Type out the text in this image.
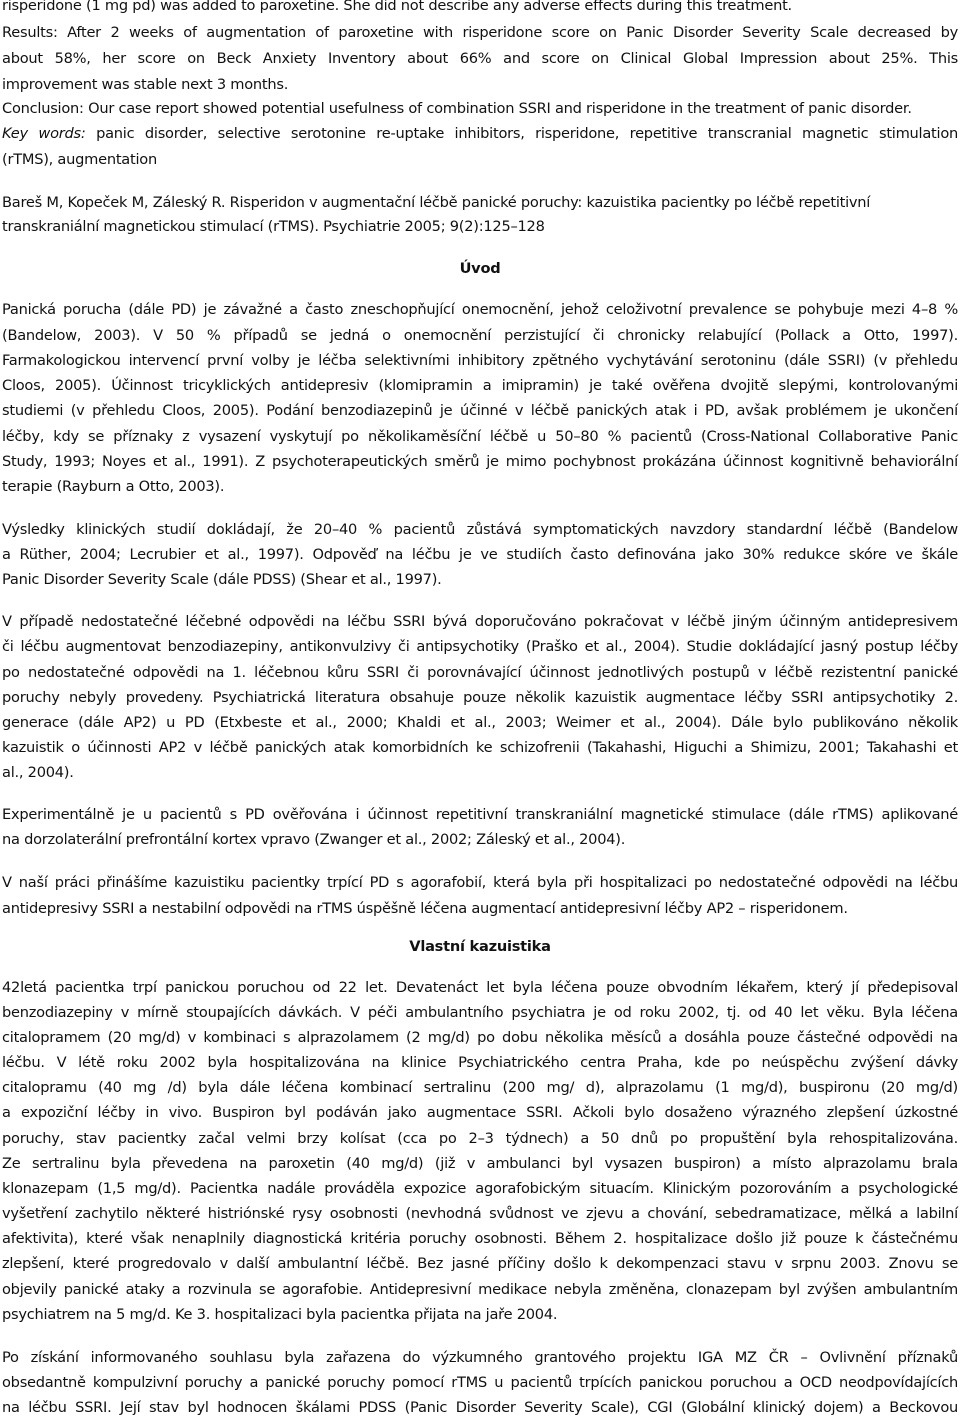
risperidone (1 mg pd) was added to paroxetine. She did not describe any adverse effects during this treatment.
Results: After 2 weeks of augmentation of paroxetine with risperidone score on Panic Disorder Severity Scale decreased by
about 58%, her score on Beck Anxiety Inventory about 66% and score on Clinical Global Impression about 25%. This
improvement was stable next 3 months.
Conclusion: Our case report showed potential usefulness of combination SSRI and risperidone in the treatment of panic disorder.
Key words: panic disorder, selective serotonine re-uptake inhibitors, risperidone, repetitive transcranial magnetic stimulation
(rTMS), augmentation
Bareš M, Kopeček M, Záleský R. Risperidon v augmentační léčbě panické poruchy: kazuistika pacientky po léčbě repetitivní
transkraniální magnetickou stimulací (rTMS). Psychiatrie 2005; 9(2):125–128
Úvod
Panická porucha (dále PD) je závažné a často zneschopňující onemocnění, jehož celoživotní prevalence se pohybuje mezi 4–8 %
(Bandelow, 2003). V 50 % případů se jedná o onemocnění perzistující či chronicky relabující (Pollack a Otto, 1997).
Farmakologickou intervencí první volby je léčba selektivními inhibitory zpětného vychytávání serotoninu (dále SSRI) (v přehledu
Cloos, 2005). Účinnost tricyklických antidepresiv (klomipramin a imipramin) je také ověřena dvojitě slepými, kontrolovanými
studiemi (v přehledu Cloos, 2005). Podání benzodiazepinů je účinné v léčbě panických atak i PD, avšak problémem je ukončení
léčby, kdy se příznaky z vysazení vyskytují po několikaměsíční léčbě u 50–80 % pacientů (Cross-National Collaborative Panic
Study, 1993; Noyes et al., 1991). Z psychoterapeutických směrů je mimo pochybnost prokázána účinnost kognitivně behaviorální
terapie (Rayburn a Otto, 2003).
Výsledky klinických studií dokládají, že 20–40 % pacientů zůstává symptomatických navzdory standardní léčbě (Bandelow
a Rüther, 2004; Lecrubier et al., 1997). Odpověď na léčbu je ve studiích často definována jako 30% redukce skóre ve škále
Panic Disorder Severity Scale (dále PDSS) (Shear et al., 1997).
V případě nedostatečné léčebné odpovědi na léčbu SSRI bývá doporučováno pokračovat v léčbě jiným účinným antidepresivem
či léčbu augmentovat benzodiazepiny, antikonvulzivy či antipsychotiky (Praško et al., 2004). Studie dokládající jasný postup léčby
po nedostatečné odpovědi na 1. léčebnou kůru SSRI či porovnávající účinnost jednotlivých postupů v léčbě rezistentní panické
poruchy nebyly provedeny. Psychiatrická literatura obsahuje pouze několik kazuistik augmentace léčby SSRI antipsychotiky 2.
generace (dále AP2) u PD (Etxbeste et al., 2000; Khaldi et al., 2003; Weimer et al., 2004). Dále bylo publikováno několik
kazuistik o účinnosti AP2 v léčbě panických atak komorbidních ke schizofrenii (Takahashi, Higuchi a Shimizu, 2001; Takahashi et
al., 2004).
Experimentálně je u pacientů s PD ověřována i účinnost repetitivní transkraniální magnetické stimulace (dále rTMS) aplikované
na dorzolaterální prefrontální kortex vpravo (Zwanger et al., 2002; Záleský et al., 2004).
V naší práci přinášíme kazuistiku pacientky trpící PD s agorafobií, která byla při hospitalizaci po nedostatečné odpovědi na léčbu
antidepresivy SSRI a nestabilní odpovědi na rTMS úspěšně léčena augmentací antidepresivní léčby AP2 – risperidonem.
Vlastní kazuistika
42letá pacientka trpí panickou poruchou od 22 let. Devatenáct let byla léčena pouze obvodním lékařem, který jí předepisoval
benzodiazepiny v mírně stoupajících dávkách. V péči ambulantního psychiatra je od roku 2002, tj. od 40 let věku. Byla léčena
citalopramem (20 mg/d) v kombinaci s alprazolamem (2 mg/d) po dobu několika měsíců a dosáhla pouze částečné odpovědi na
léčbu. V létě roku 2002 byla hospitalizována na klinice Psychiatrického centra Praha, kde po neúspěchu zvýšení dávky
citalopramu (40 mg /d) byla dále léčena kombinací sertralinu (200 mg/ d), alprazolamu (1 mg/d), buspironu (20 mg/d)
a expoziční léčby in vivo. Buspiron byl podáván jako augmentace SSRI. Ačkoli bylo dosaženo výrazného zlepšení úzkostné
poruchy, stav pacientky začal velmi brzy kolísat (cca po 2–3 týdnech) a 50 dnů po propuštění byla rehospitalizována.
Ze sertralinu byla převedena na paroxetin (40 mg/d) (již v ambulanci byl vysazen buspiron) a místo alprazolamu brala
klonazepam (1,5 mg/d). Pacientka nadále prováděla expozice agorafobickým situacím. Klinickým pozorováním a psychologické
vyšetření zachytilo některé histriónské rysy osobnosti (nevhodná svůdnost ve zjevu a chování, sebedramatizace, mělká a labilní
afektivita), které však nenaplnily diagnostická kritéria poruchy osobnosti. Během 2. hospitalizace došlo již pouze k částečnému
zlepšení, které progredovalo v další ambulantní léčbě. Bez jasné příčiny došlo k dekompenzaci stavu v srpnu 2003. Znovu se
objevily panické ataky a rozvinula se agorafobie. Antidepresivní medikace nebyla změněna, clonazepam byl zvýšen ambulantním
psychiatrem na 5 mg/d. Ke 3. hospitalizaci byla pacientka přijata na jaře 2004.
Po získání informovaného souhlasu byla zařazena do výzkumného grantového projektu IGA MZ ČR – Ovlivnění příznaků
obsedantně kompulzivní poruchy a panické poruchy pomocí rTMS u pacientů trpících panickou poruchou a OCD neodpovídajících
na léčbu SSRI. Její stav byl hodnocen škálami PDSS (Panic Disorder Severity Scale), CGI (Globální klinický dojem) a Beckovou
